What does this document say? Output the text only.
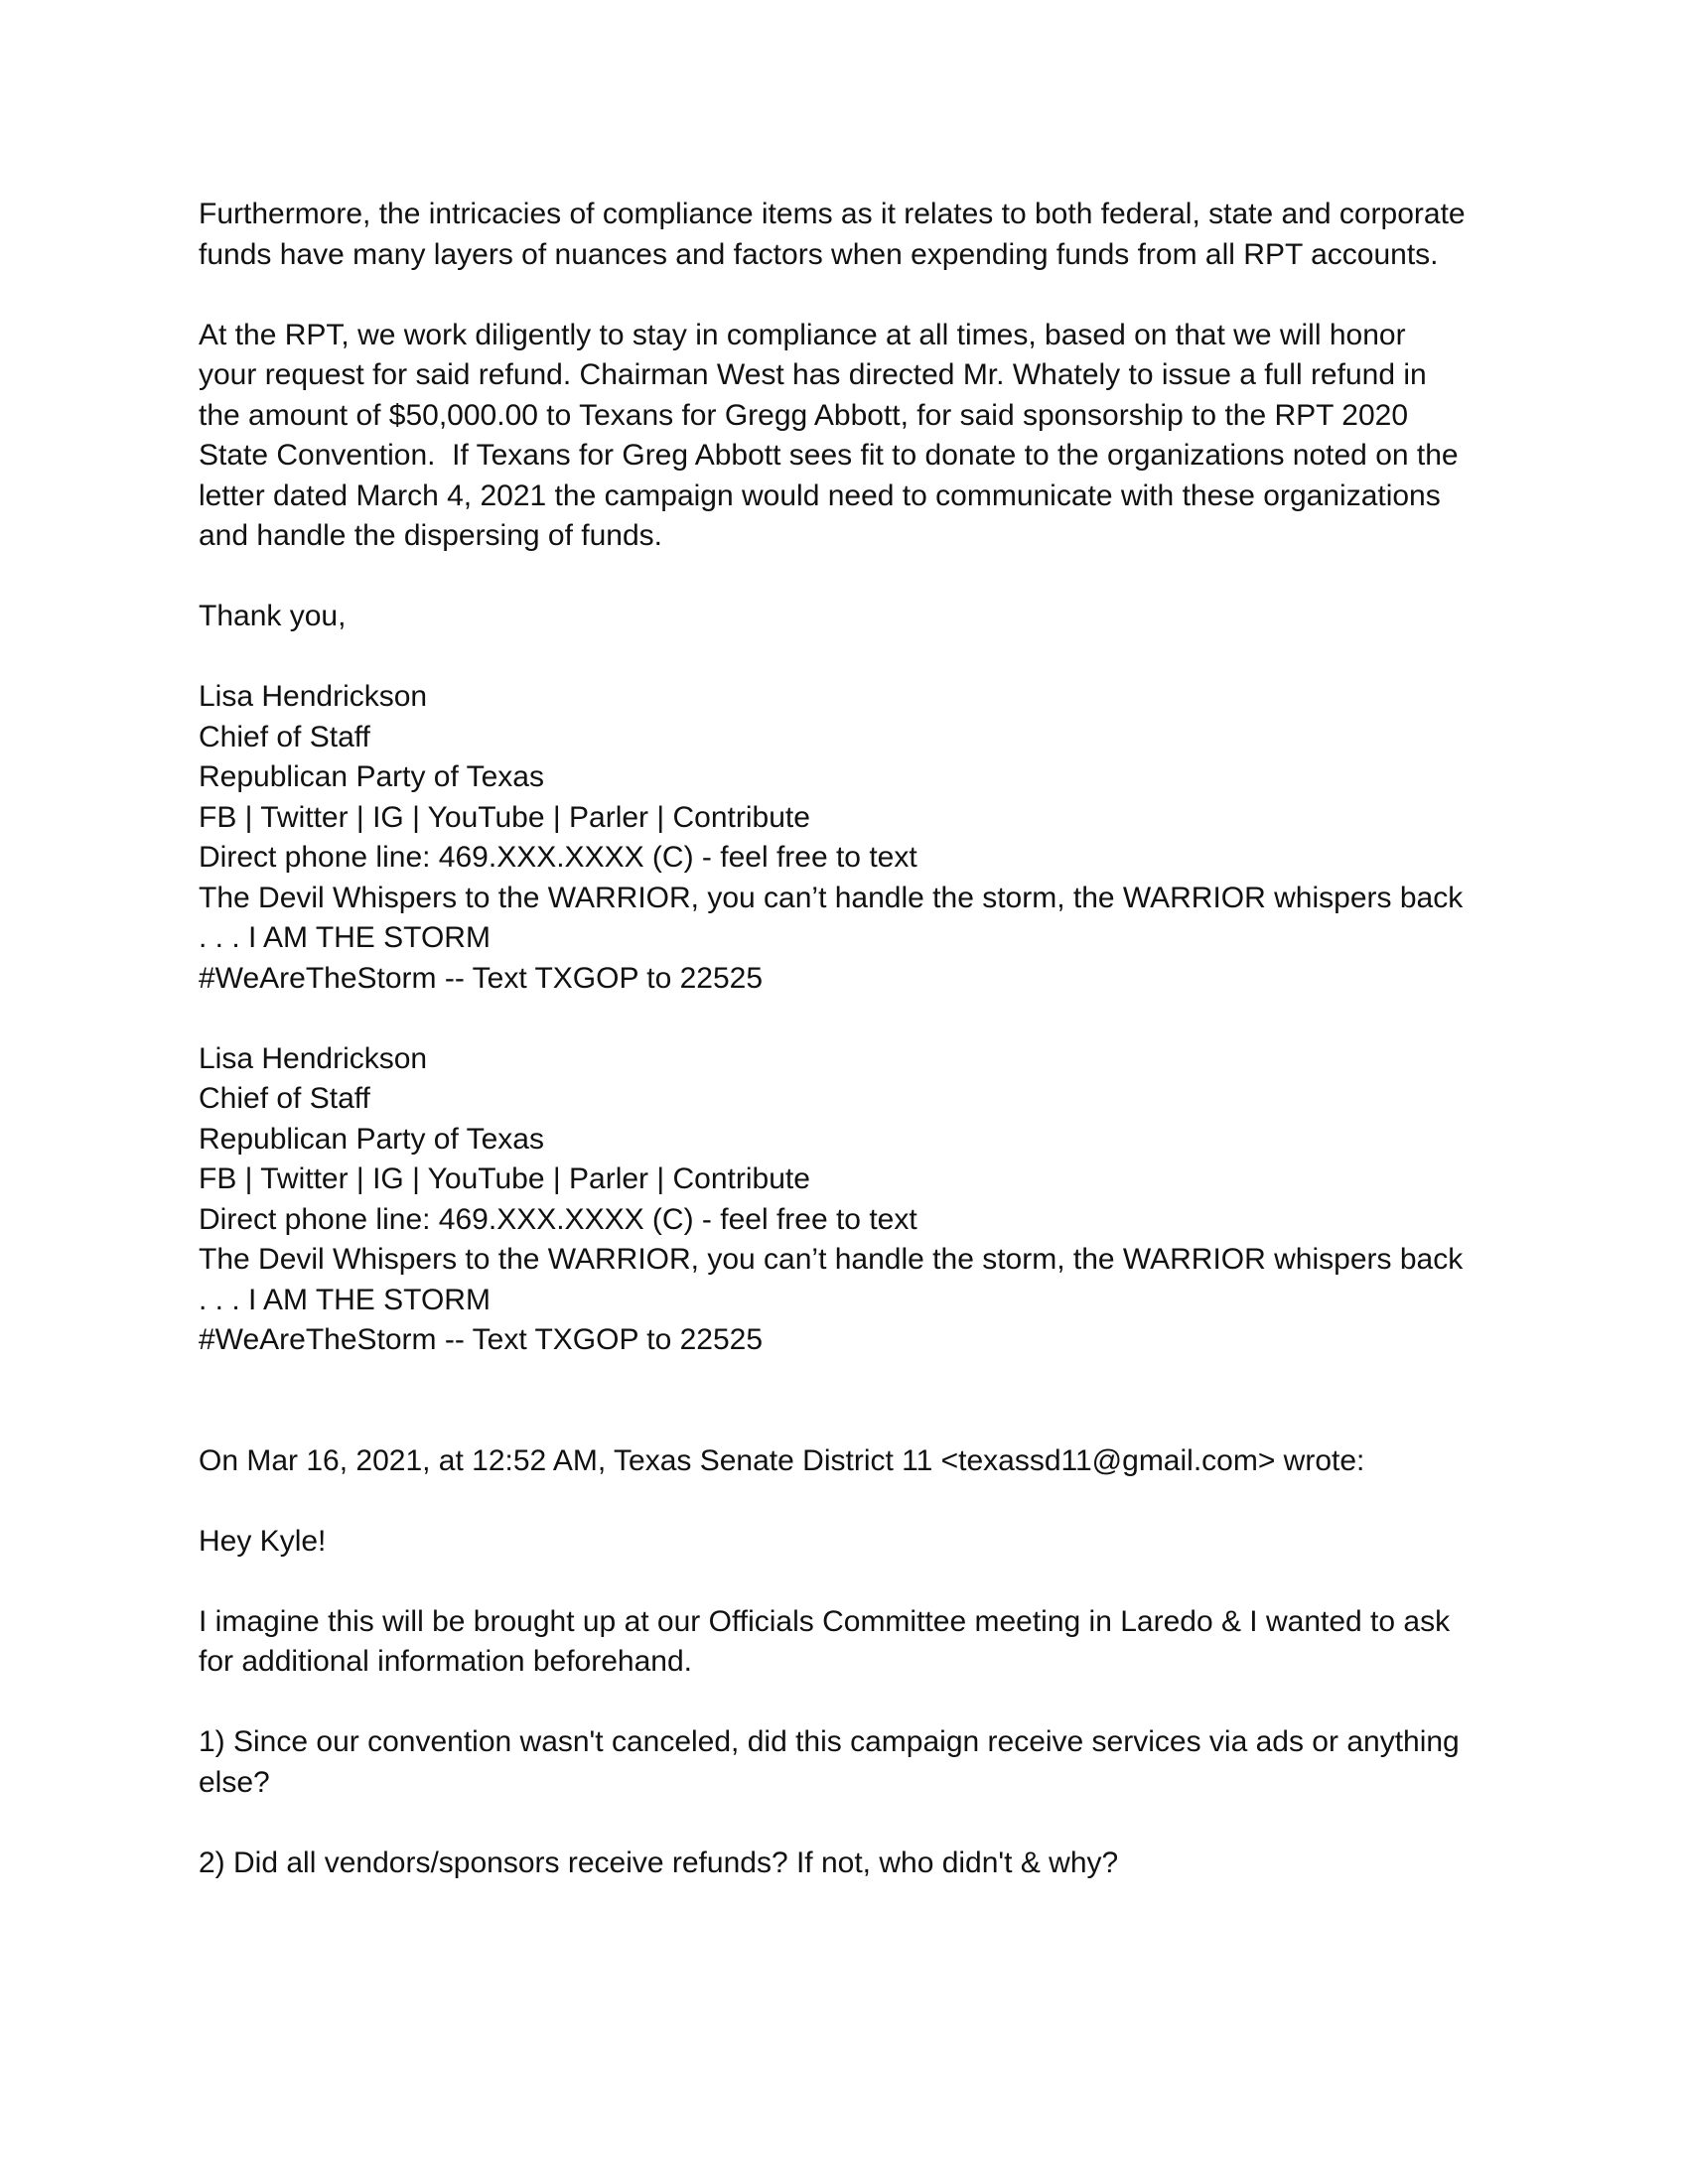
Furthermore, the intricacies of compliance items as it relates to both federal, state and corporate
funds have many layers of nuances and factors when expending funds from all RPT accounts.
At the RPT, we work diligently to stay in compliance at all times, based on that we will honor
your request for said refund. Chairman West has directed Mr. Whately to issue a full refund in
the amount of $50,000.00 to Texans for Gregg Abbott, for said sponsorship to the RPT 2020
State Convention.  If Texans for Greg Abbott sees fit to donate to the organizations noted on the
letter dated March 4, 2021 the campaign would need to communicate with these organizations
and handle the dispersing of funds.
Thank you,
Lisa Hendrickson
Chief of Staff
Republican Party of Texas
FB | Twitter | IG | YouTube | Parler | Contribute
Direct phone line: 469.XXX.XXXX (C) - feel free to text
The Devil Whispers to the WARRIOR, you can’t handle the storm, the WARRIOR whispers back
. . . I AM THE STORM
#WeAreTheStorm -- Text TXGOP to 22525
Lisa Hendrickson
Chief of Staff
Republican Party of Texas
FB | Twitter | IG | YouTube | Parler | Contribute
Direct phone line: 469.XXX.XXXX (C) - feel free to text
The Devil Whispers to the WARRIOR, you can’t handle the storm, the WARRIOR whispers back
. . . I AM THE STORM
#WeAreTheStorm -- Text TXGOP to 22525
On Mar 16, 2021, at 12:52 AM, Texas Senate District 11 <texassd11@gmail.com> wrote:
Hey Kyle!
I imagine this will be brought up at our Officials Committee meeting in Laredo & I wanted to ask
for additional information beforehand.
1) Since our convention wasn't canceled, did this campaign receive services via ads or anything
else?
2) Did all vendors/sponsors receive refunds? If not, who didn't & why?
